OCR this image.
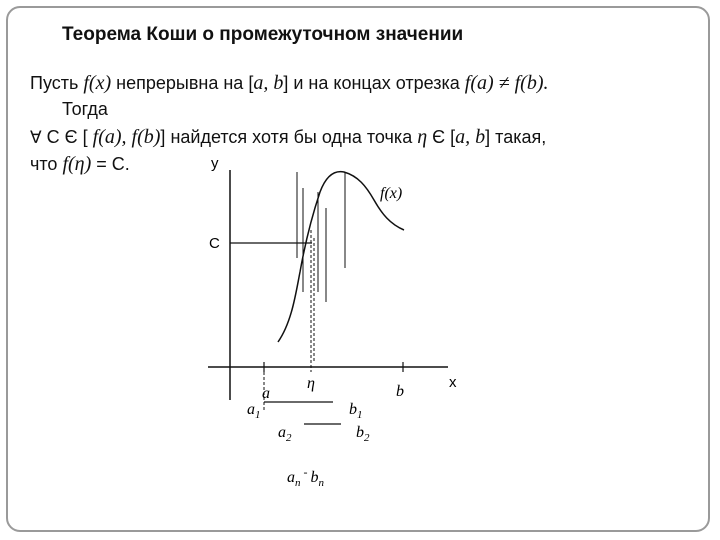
Теорема Коши о промежуточном значении
Пусть f(x) непрерывна на [a, b] и на концах отрезка f(a) ≠ f(b).
Тогда
∀ C Є [ f(a), f(b)] найдется хотя бы одна точка η Є [a, b] такая,
что f(η) = C.	y
x
f(x)
C
a
η	b
$a_1$	$b_1$
$a_2$	$b_2$
$a_n^-$ $b_n$
